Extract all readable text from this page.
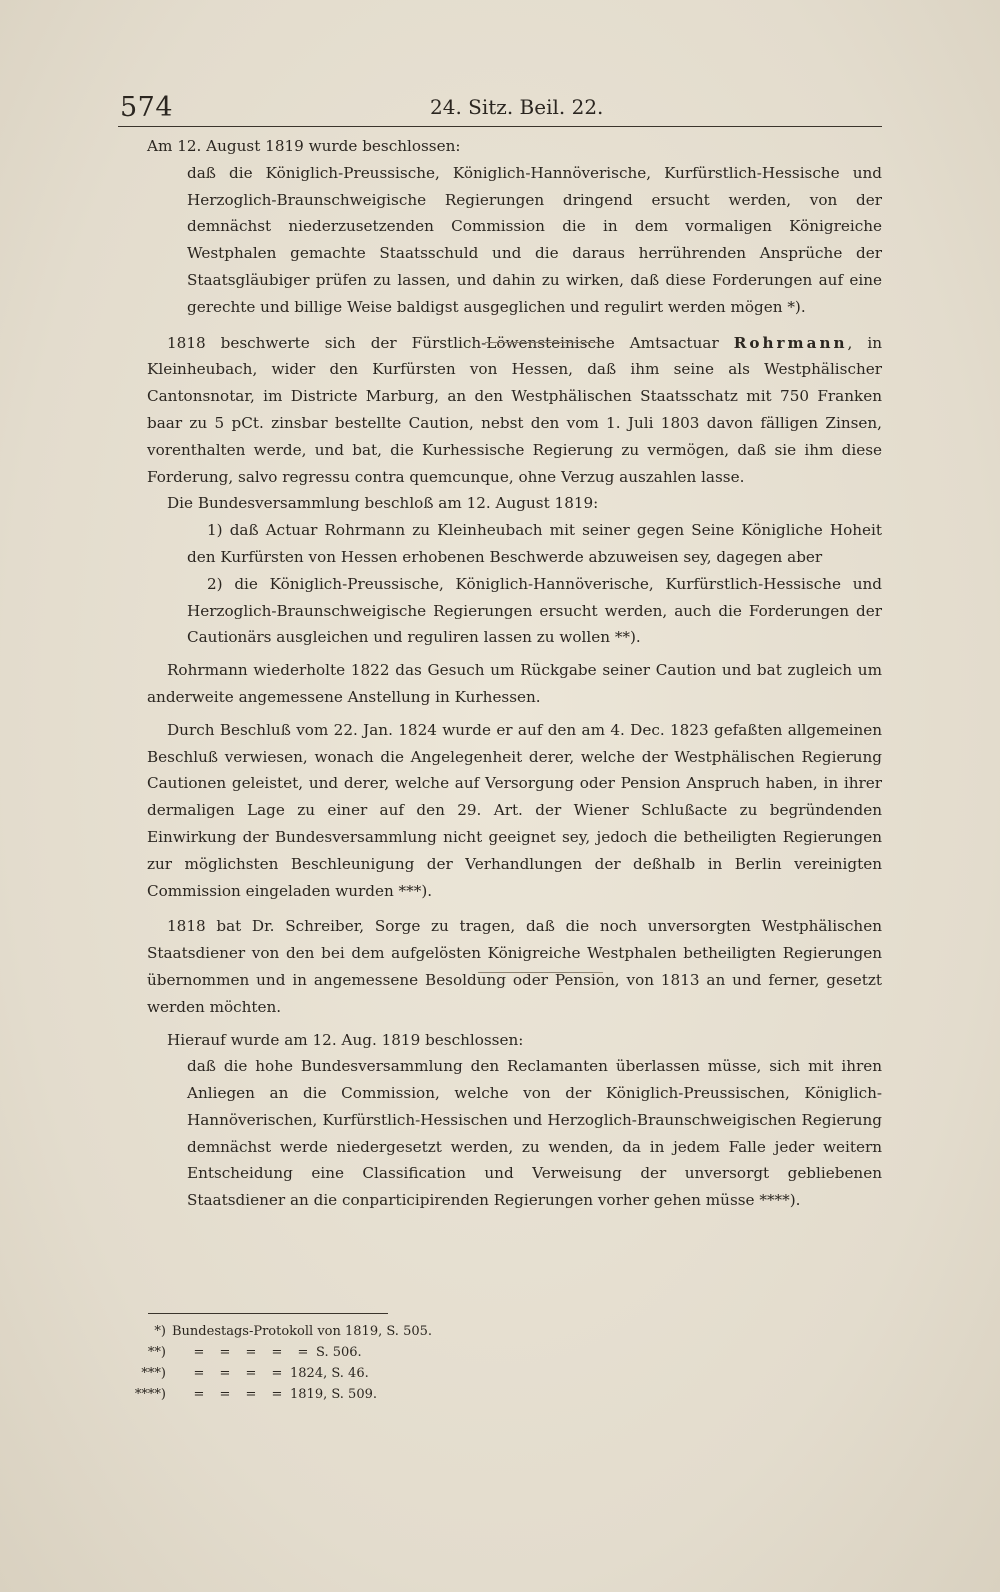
574	24. Sitz. Beil. 22.

Am 12. August 1819 wurde beschlossen:

daß die Königlich-Preussische, Königlich-Hannöverische, Kurfürstlich-Hessische und Herzoglich-Braunschweigische Regierungen dringend ersucht werden, von der demnächst niederzusetzenden Commission die in dem vormaligen Königreiche Westphalen gemachte Staatsschuld und die daraus herrührenden Ansprüche der Staatsgläubiger prüfen zu lassen, und dahin zu wirken, daß diese Forderungen auf eine gerechte und billige Weise baldigst ausgeglichen und regulirt werden mögen *).

1818 beschwerte sich der Fürstlich-Löwensteinische Amtsactuar Rohrmann, in Kleinheubach, wider den Kurfürsten von Hessen, daß ihm seine als Westphälischer Cantonsnotar, im Districte Marburg, an den Westphälischen Staatsschatz mit 750 Franken baar zu 5 pCt. zinsbar bestellte Caution, nebst den vom 1. Juli 1803 davon fälligen Zinsen, vorenthalten werde, und bat, die Kurhessische Regierung zu vermögen, daß sie ihm diese Forderung, salvo regressu contra quemcunque, ohne Verzug auszahlen lasse.

Die Bundesversammlung beschloß am 12. August 1819:

1) daß Actuar Rohrmann zu Kleinheubach mit seiner gegen Seine Königliche Hoheit den Kurfürsten von Hessen erhobenen Beschwerde abzuweisen sey, dagegen aber

2) die Königlich-Preussische, Königlich-Hannöverische, Kurfürstlich-Hessische und Herzoglich-Braunschweigische Regierungen ersucht werden, auch die Forderungen der Cautionärs ausgleichen und reguliren lassen zu wollen **).

Rohrmann wiederholte 1822 das Gesuch um Rückgabe seiner Caution und bat zugleich um anderweite angemessene Anstellung in Kurhessen.

Durch Beschluß vom 22. Jan. 1824 wurde er auf den am 4. Dec. 1823 gefaßten allgemeinen Beschluß verwiesen, wonach die Angelegenheit derer, welche der Westphälischen Regierung Cautionen geleistet, und derer, welche auf Versorgung oder Pension Anspruch haben, in ihrer dermaligen Lage zu einer auf den 29. Art. der Wiener Schlußacte zu begründenden Einwirkung der Bundesversammlung nicht geeignet sey, jedoch die betheiligten Regierungen zur möglichsten Beschleunigung der Verhandlungen der deßhalb in Berlin vereinigten Commission eingeladen wurden ***).

1818 bat Dr. Schreiber, Sorge zu tragen, daß die noch unversorgten Westphälischen Staatsdiener von den bei dem aufgelösten Königreiche Westphalen betheiligten Regierungen übernommen und in angemessene Besoldung oder Pension, von 1813 an und ferner, gesetzt werden möchten.

Hierauf wurde am 12. Aug. 1819 beschlossen:

daß die hohe Bundesversammlung den Reclamanten überlassen müsse, sich mit ihren Anliegen an die Commission, welche von der Königlich-Preussischen, Königlich-Hannöverischen, Kurfürstlich-Hessischen und Herzoglich-Braunschweigischen Regierung demnächst werde niedergesetzt werden, zu wenden, da in jedem Falle jeder weitern Entscheidung eine Classification und Verweisung der unversorgt gebliebenen Staatsdiener an die conparticipirenden Regierungen vorher gehen müsse ****).

*) Bundestags-Protokoll von 1819, S. 505.
**)	= = = = = S. 506.
***)	= = = = 1824, S. 46.
****)	= = = = 1819, S. 509.
